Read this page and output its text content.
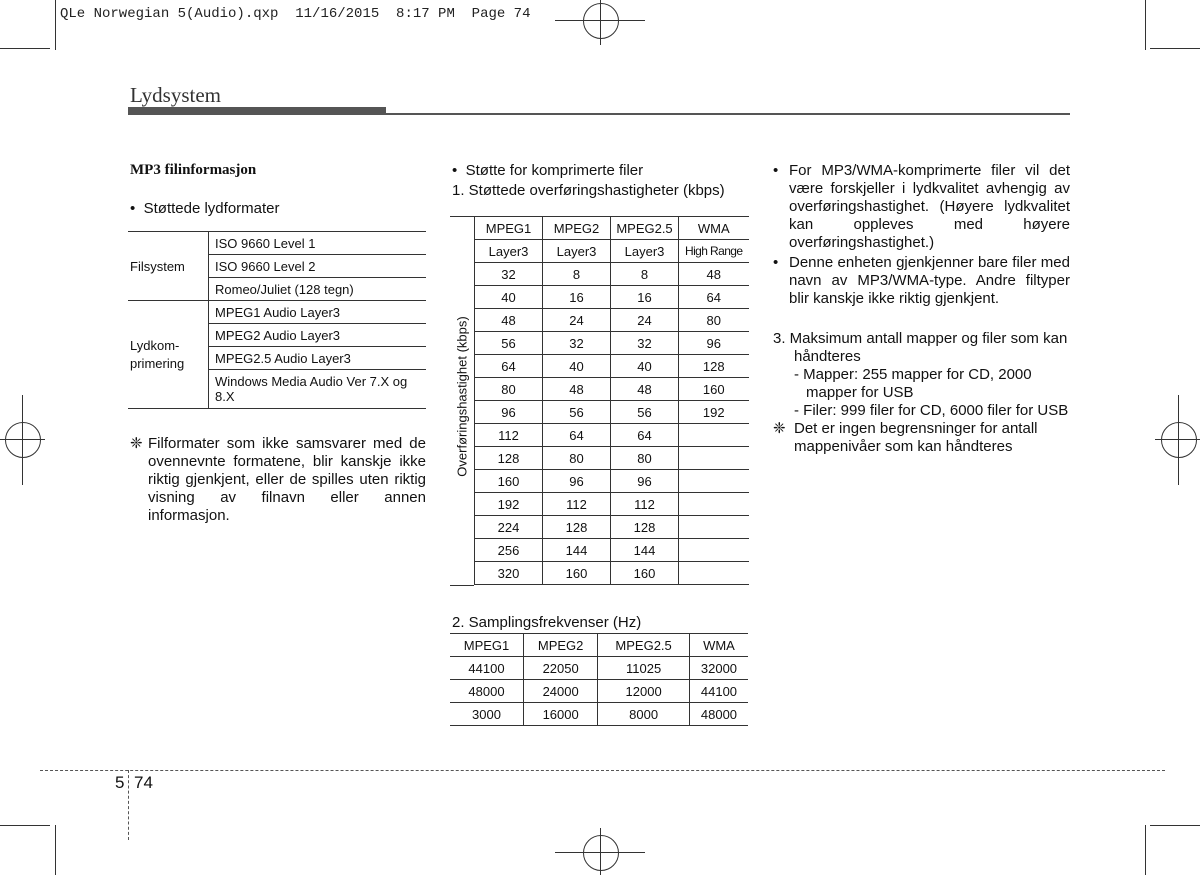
QLe Norwegian 5(Audio).qxp  11/16/2015  8:17 PM  Page 74
Lydsystem
MP3 filinformasjon
• Støttede lydformater
Filsystem	ISO 9660 Level 1
	ISO 9660 Level 2
	Romeo/Juliet (128 tegn)
Lydkom-
primering	MPEG1 Audio Layer3
	MPEG2 Audio Layer3
	MPEG2.5 Audio Layer3
	Windows Media Audio Ver 7.X og 8.X
❈ Filformater som ikke samsvarer med de ovennevnte formatene, blir kanskje ikke riktig gjenkjent, eller de spilles uten riktig visning av filnavn eller annen informasjon.
• Støtte for komprimerte filer
1. Støttede overføringshastigheter (kbps)
Overføringshastighet (kbps)
MPEG1	MPEG2	MPEG2.5	WMA
Layer3	Layer3	Layer3	High Range
32	8	8	48
40	16	16	64
48	24	24	80
56	32	32	96
64	40	40	128
80	48	48	160
96	56	56	192
112	64	64	
128	80	80	
160	96	96	
192	112	112	
224	128	128	
256	144	144	
320	160	160	
2. Samplingsfrekvenser (Hz)
MPEG1	MPEG2	MPEG2.5	WMA
44100	22050	11025	32000
48000	24000	12000	44100
3000	16000	8000	48000
• For MP3/WMA-komprimerte filer vil det være forskjeller i lydkvalitet avhengig av overføringshastighet. (Høyere lydkvalitet kan oppleves med høyere overføringshastighet.)
• Denne enheten gjenkjenner bare filer med navn av MP3/WMA-type. Andre filtyper blir kanskje ikke riktig gjenkjent.
3. Maksimum antall mapper og filer som kan håndteres
- Mapper: 255 mapper for CD, 2000 mapper for USB
- Filer: 999 filer for CD, 6000 filer for USB
❈ Det er ingen begrensninger for antall mappenivåer som kan håndteres
5 74
